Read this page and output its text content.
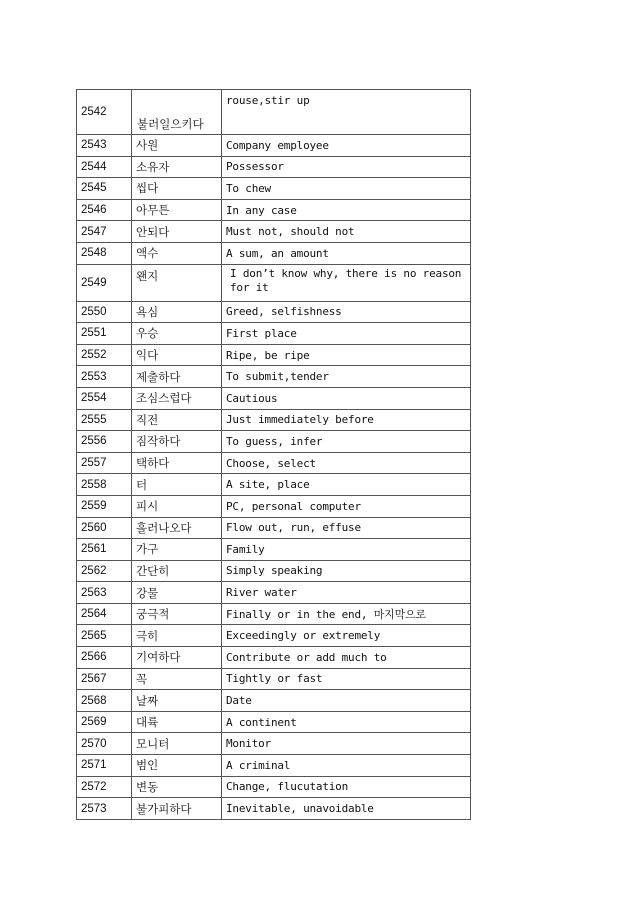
2542	불러일으키다	rouse,stir up
2543	사원	Company employee
2544	소유자	Possessor
2545	씹다	To chew
2546	아무튼	In any case
2547	안되다	Must not, should not
2548	액수	A sum, an amount
2549	왠지	I don’t know why, there is no reason for it
2550	욕심	Greed, selfishness
2551	우승	First place
2552	익다	Ripe, be ripe
2553	제출하다	To submit,tender
2554	조심스럽다	Cautious
2555	직전	Just immediately before
2556	짐작하다	To guess, infer
2557	택하다	Choose, select
2558	터	A site, place
2559	피시	PC, personal computer
2560	흘러나오다	Flow out, run, effuse
2561	가구	Family
2562	간단히	Simply speaking
2563	강물	River water
2564	궁극적	Finally or in the end, 마지막으로
2565	극히	Exceedingly or extremely
2566	기여하다	Contribute or add much to
2567	꼭	Tightly or fast
2568	날짜	Date
2569	대륙	A continent
2570	모니터	Monitor
2571	범인	A criminal
2572	변동	Change, flucutation
2573	불가피하다	Inevitable, unavoidable
